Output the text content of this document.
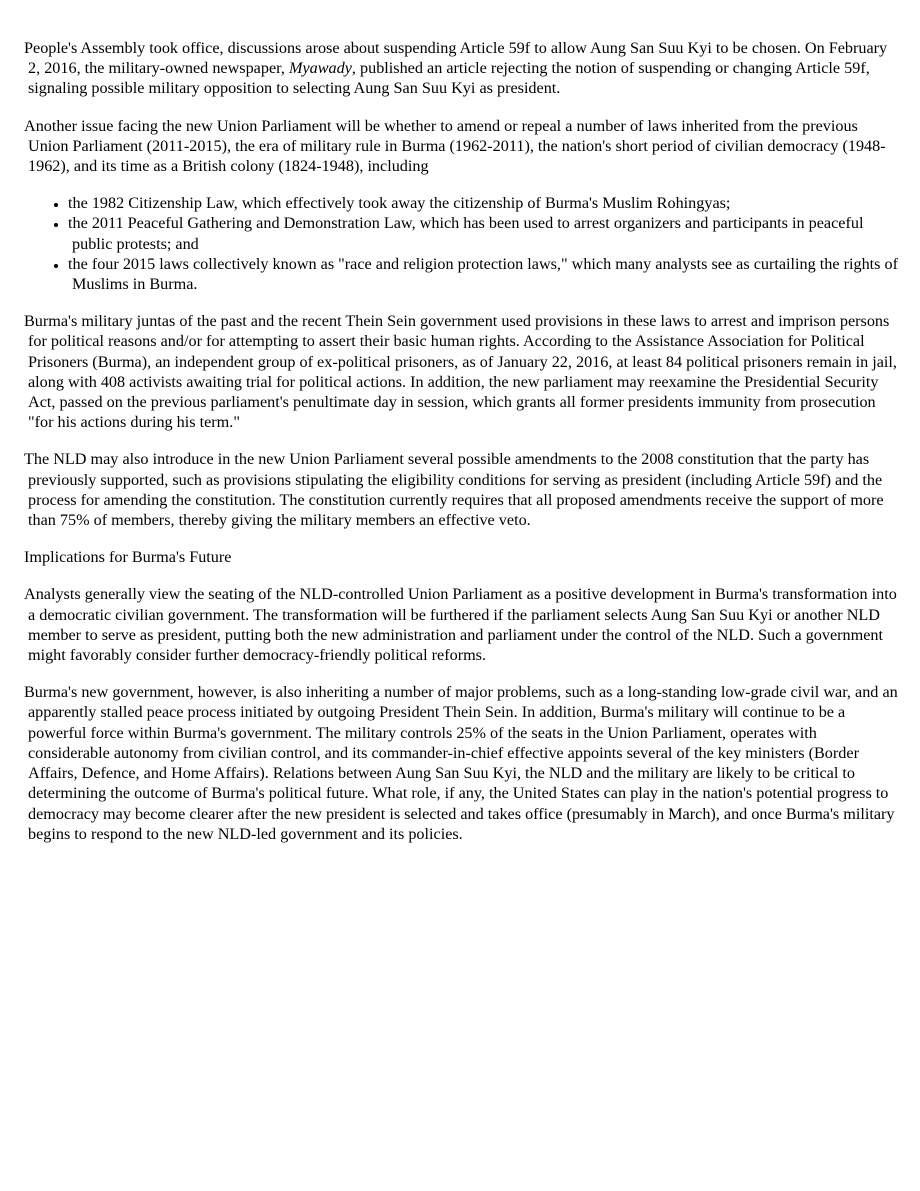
People's Assembly took office, discussions arose about suspending Article 59f to allow Aung San Suu Kyi to be chosen. On February 2, 2016, the military-owned newspaper, Myawady, published an article rejecting the notion of suspending or changing Article 59f, signaling possible military opposition to selecting Aung San Suu Kyi as president.

Another issue facing the new Union Parliament will be whether to amend or repeal a number of laws inherited from the previous Union Parliament (2011-2015), the era of military rule in Burma (1962-2011), the nation's short period of civilian democracy (1948-1962), and its time as a British colony (1824-1948), including

• the 1982 Citizenship Law, which effectively took away the citizenship of Burma's Muslim Rohingyas;
• the 2011 Peaceful Gathering and Demonstration Law, which has been used to arrest organizers and participants in peaceful public protests; and
• the four 2015 laws collectively known as "race and religion protection laws," which many analysts see as curtailing the rights of Muslims in Burma.

Burma's military juntas of the past and the recent Thein Sein government used provisions in these laws to arrest and imprison persons for political reasons and/or for attempting to assert their basic human rights. According to the Assistance Association for Political Prisoners (Burma), an independent group of ex-political prisoners, as of January 22, 2016, at least 84 political prisoners remain in jail, along with 408 activists awaiting trial for political actions. In addition, the new parliament may reexamine the Presidential Security Act, passed on the previous parliament's penultimate day in session, which grants all former presidents immunity from prosecution "for his actions during his term."

The NLD may also introduce in the new Union Parliament several possible amendments to the 2008 constitution that the party has previously supported, such as provisions stipulating the eligibility conditions for serving as president (including Article 59f) and the process for amending the constitution. The constitution currently requires that all proposed amendments receive the support of more than 75% of members, thereby giving the military members an effective veto.

Implications for Burma's Future

Analysts generally view the seating of the NLD-controlled Union Parliament as a positive development in Burma's transformation into a democratic civilian government. The transformation will be furthered if the parliament selects Aung San Suu Kyi or another NLD member to serve as president, putting both the new administration and parliament under the control of the NLD. Such a government might favorably consider further democracy-friendly political reforms.

Burma's new government, however, is also inheriting a number of major problems, such as a long-standing low-grade civil war, and an apparently stalled peace process initiated by outgoing President Thein Sein. In addition, Burma's military will continue to be a powerful force within Burma's government. The military controls 25% of the seats in the Union Parliament, operates with considerable autonomy from civilian control, and its commander-in-chief effective appoints several of the key ministers (Border Affairs, Defence, and Home Affairs). Relations between Aung San Suu Kyi, the NLD and the military are likely to be critical to determining the outcome of Burma's political future. What role, if any, the United States can play in the nation's potential progress to democracy may become clearer after the new president is selected and takes office (presumably in March), and once Burma's military begins to respond to the new NLD-led government and its policies.
